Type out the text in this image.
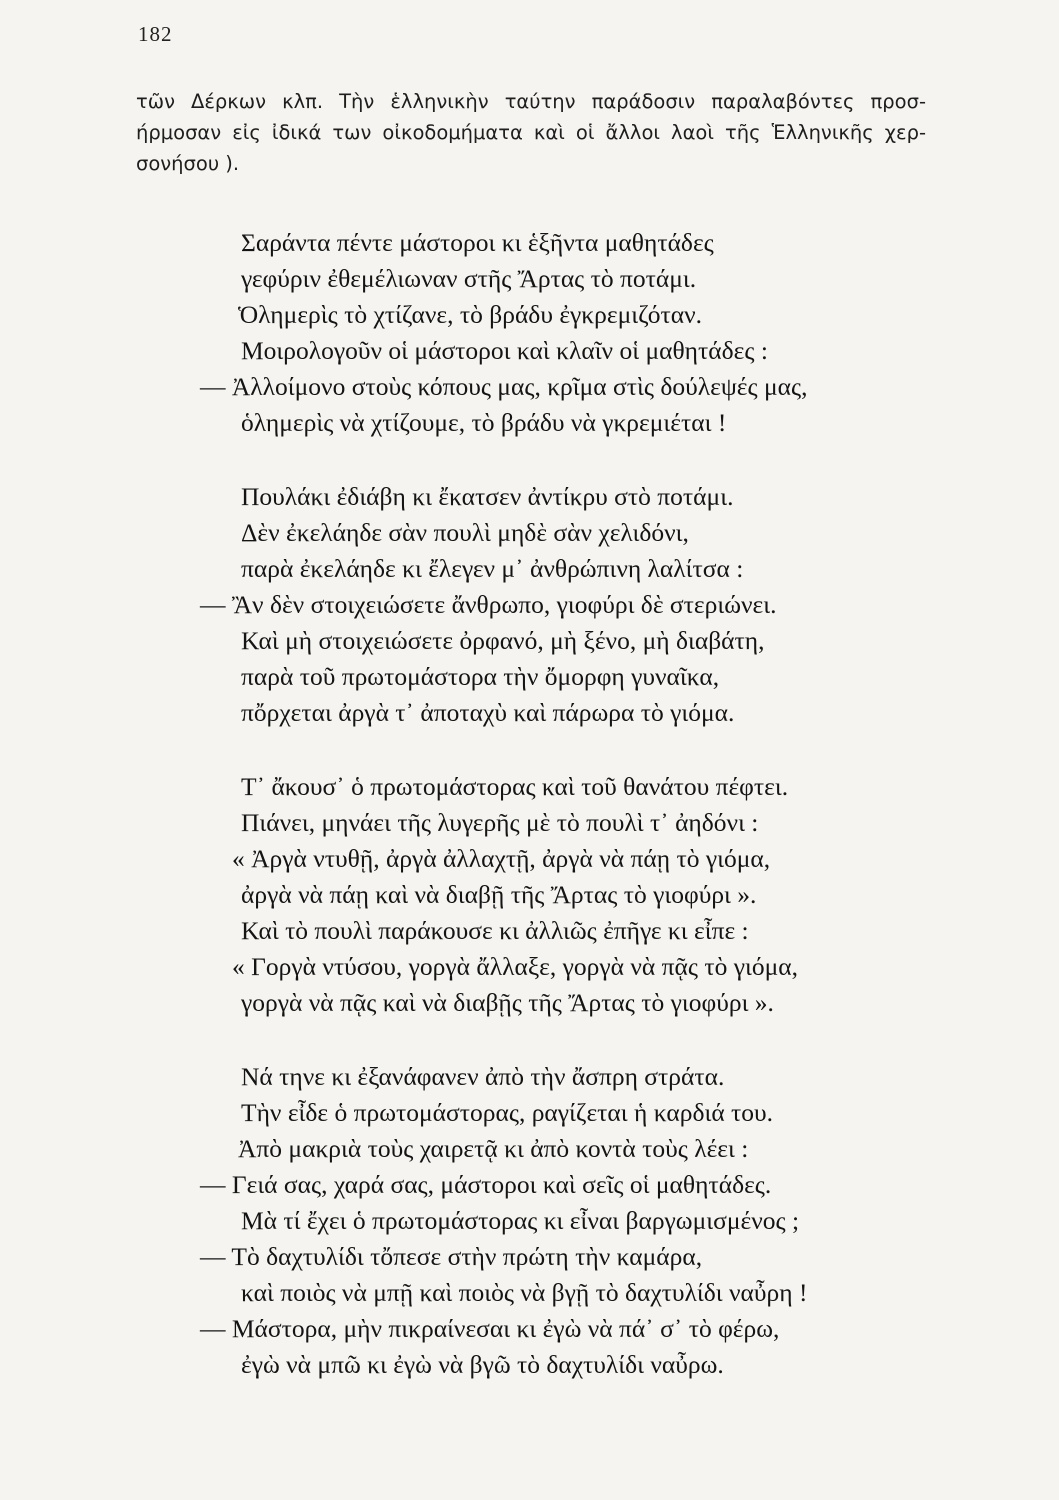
182
τῶν Δέρκων κλπ. Τὴν ἑλληνικὴν ταύτην παράδοσιν παραλαβόντες προσ-
ήρμοσαν εἰς ἰδικά των οἰκοδομήματα καὶ οἱ ἄλλοι λαοὶ τῆς Ἑλληνικῆς χερ-
σονήσου ).
Σαράντα πέντε μάστοροι κι ἑξῆντα μαθητάδες
γεφύριν ἐθεμέλιωναν στῆς Ἄρτας τὸ ποτάμι.
Ὁλημερὶς τὸ χτίζανε, τὸ βράδυ ἐγκρεμιζόταν.
Μοιρολογοῦν οἱ μάστοροι καὶ κλαῖν οἱ μαθητάδες :
— Ἀλλοίμονο στοὺς κόπους μας, κρῖμα στὶς δούλεψές μας,
ὁλημερὶς νὰ χτίζουμε, τὸ βράδυ νὰ γκρεμιέται !
Πουλάκι ἐδιάβη κι ἔκατσεν ἀντίκρυ στὸ ποτάμι.
Δὲν ἐκελάηδε σὰν πουλὶ μηδὲ σὰν χελιδόνι,
παρὰ ἐκελάηδε κι ἔλεγεν μ᾽ ἀνθρώπινη λαλίτσα :
— Ἂν δὲν στοιχειώσετε ἄνθρωπο, γιοφύρι δὲ στεριώνει.
Καὶ μὴ στοιχειώσετε ὀρφανό, μὴ ξένο, μὴ διαβάτη,
παρὰ τοῦ πρωτομάστορα τὴν ὄμορφη γυναῖκα,
πὄρχεται ἀργὰ τ᾽ ἀποταχὺ καὶ πάρωρα τὸ γιόμα.
Τ᾽ ἄκουσ᾽ ὁ πρωτομάστορας καὶ τοῦ θανάτου πέφτει.
Πιάνει, μηνάει τῆς λυγερῆς μὲ τὸ πουλὶ τ᾽ ἀηδόνι :
« Ἀργὰ ντυθῇ, ἀργὰ ἀλλαχτῇ, ἀργὰ νὰ πάῃ τὸ γιόμα,
ἀργὰ νὰ πάῃ καὶ νὰ διαβῇ τῆς Ἄρτας τὸ γιοφύρι ».
Καὶ τὸ πουλὶ παράκουσε κι ἀλλιῶς ἐπῆγε κι εἶπε :
« Γοργὰ ντύσου, γοργὰ ἄλλαξε, γοργὰ νὰ πᾷς τὸ γιόμα,
γοργὰ νὰ πᾷς καὶ νὰ διαβῇς τῆς Ἄρτας τὸ γιοφύρι ».
Νά τηνε κι ἐξανάφανεν ἀπὸ τὴν ἄσπρη στράτα.
Τὴν εἶδε ὁ πρωτομάστορας, ραγίζεται ἡ καρδιά του.
Ἀπὸ μακριὰ τοὺς χαιρετᾷ κι ἀπὸ κοντὰ τοὺς λέει :
— Γειά σας, χαρά σας, μάστοροι καὶ σεῖς οἱ μαθητάδες.
Μὰ τί ἔχει ὁ πρωτομάστορας κι εἶναι βαργωμισμένος ;
— Τὸ δαχτυλίδι τὄπεσε στὴν πρώτη τὴν καμάρα,
καὶ ποιὸς νὰ μπῇ καὶ ποιὸς νὰ βγῇ τὸ δαχτυλίδι ναὖρη !
— Μάστορα, μὴν πικραίνεσαι κι ἐγὼ νὰ πά᾽ σ᾽ τὸ φέρω,
ἐγὼ νὰ μπῶ κι ἐγὼ νὰ βγῶ τὸ δαχτυλίδι ναὖρω.
